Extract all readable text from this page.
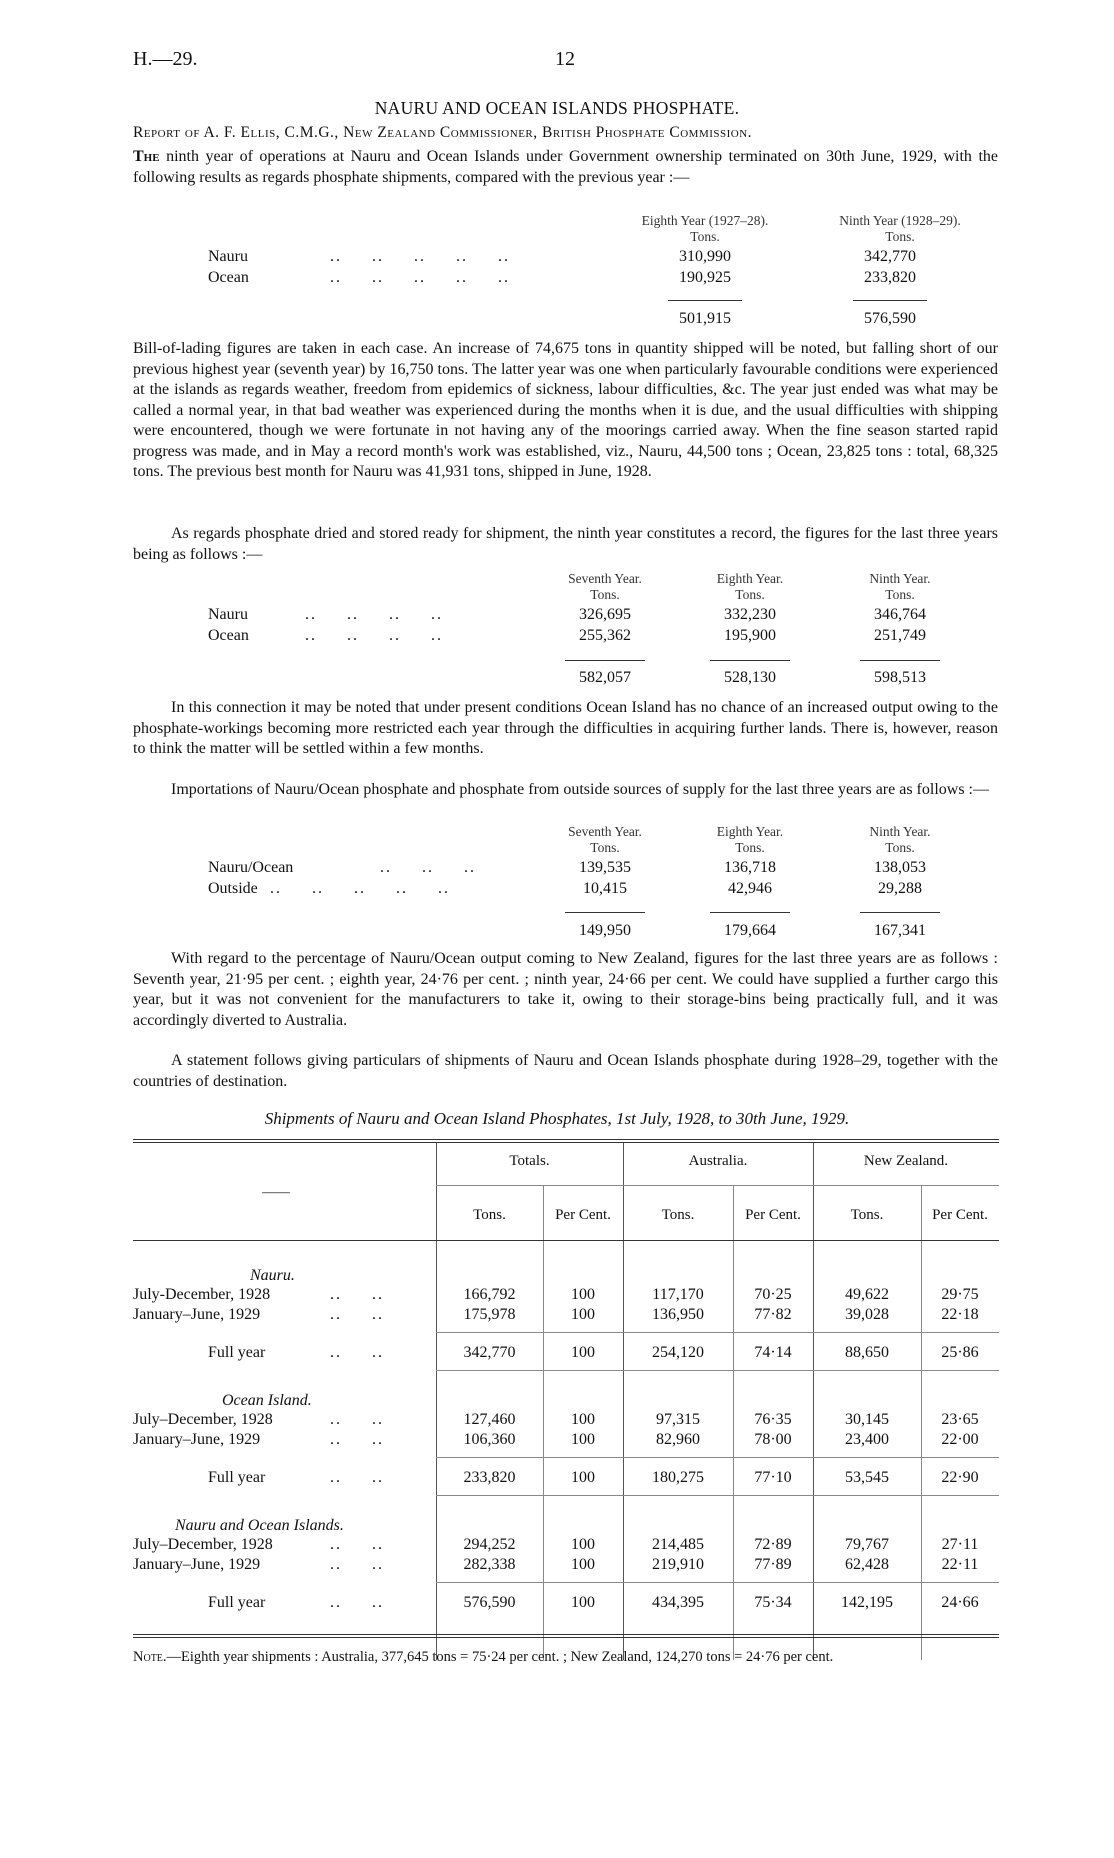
H.—29.	12
NAURU AND OCEAN ISLANDS PHOSPHATE.
Report of A. F. Ellis, C.M.G., New Zealand Commissioner, British Phosphate Commission.
The ninth year of operations at Nauru and Ocean Islands under Government ownership terminated on 30th June, 1929, with the following results as regards phosphate shipments, compared with the previous year :—
Eighth Year (1927–28).	Ninth Year (1928–29).
Tons.	Tons.
Nauru	..     ..     ..     ..     ..	310,990	342,770
Ocean	..     ..     ..     ..     ..	190,925	233,820
501,915	576,590
Bill-of-lading figures are taken in each case. An increase of 74,675 tons in quantity shipped will be noted, but falling short of our previous highest year (seventh year) by 16,750 tons. The latter year was one when particularly favourable conditions were experienced at the islands as regards weather, freedom from epidemics of sickness, labour difficulties, &c. The year just ended was what may be called a normal year, in that bad weather was experienced during the months when it is due, and the usual difficulties with shipping were encountered, though we were fortunate in not having any of the moorings carried away. When the fine season started rapid progress was made, and in May a record month's work was established, viz., Nauru, 44,500 tons ; Ocean, 23,825 tons : total, 68,325 tons. The previous best month for Nauru was 41,931 tons, shipped in June, 1928.
As regards phosphate dried and stored ready for shipment, the ninth year constitutes a record, the figures for the last three years being as follows :—
Seventh Year.	Eighth Year.	Ninth Year.
Tons.	Tons.	Tons.
Nauru	..     ..     ..     ..	326,695	332,230	346,764
Ocean	..     ..     ..     ..	255,362	195,900	251,749
582,057	528,130	598,513
In this connection it may be noted that under present conditions Ocean Island has no chance of an increased output owing to the phosphate-workings becoming more restricted each year through the difficulties in acquiring further lands. There is, however, reason to think the matter will be settled within a few months.
Importations of Nauru/Ocean phosphate and phosphate from outside sources of supply for the last three years are as follows :—
Seventh Year.	Eighth Year.	Ninth Year.
Tons.	Tons.	Tons.
Nauru/Ocean	..     ..     ..	139,535	136,718	138,053
Outside ..     ..     ..     ..     ..	10,415	42,946	29,288
149,950	179,664	167,341
With regard to the percentage of Nauru/Ocean output coming to New Zealand, figures for the last three years are as follows : Seventh year, 21·95 per cent. ; eighth year, 24·76 per cent. ; ninth year, 24·66 per cent. We could have supplied a further cargo this year, but it was not convenient for the manufacturers to take it, owing to their storage-bins being practically full, and it was accordingly diverted to Australia.
A statement follows giving particulars of shipments of Nauru and Ocean Islands phosphate during 1928–29, together with the countries of destination.
Shipments of Nauru and Ocean Island Phosphates, 1st July, 1928, to 30th June, 1929.
Totals.	Australia.	New Zealand.
——
Tons.	Per Cent.	Tons.	Per Cent.	Tons.	Per Cent.
Nauru.
July-December, 1928	..     ..	166,792	100	117,170	70·25	49,622	29·75
January–June, 1929	..     ..	175,978	100	136,950	77·82	39,028	22·18
Full year	..     ..	342,770	100	254,120	74·14	88,650	25·86
Ocean Island.
July–December, 1928	..     ..	127,460	100	97,315	76·35	30,145	23·65
January–June, 1929	..     ..	106,360	100	82,960	78·00	23,400	22·00
Full year	..     ..	233,820	100	180,275	77·10	53,545	22·90
Nauru and Ocean Islands.
July–December, 1928	..     ..	294,252	100	214,485	72·89	79,767	27·11
January–June, 1929	..     ..	282,338	100	219,910	77·89	62,428	22·11
Full year	..     ..	576,590	100	434,395	75·34	142,195	24·66
Note.—Eighth year shipments : Australia, 377,645 tons = 75·24 per cent. ; New Zealand, 124,270 tons = 24·76 per cent.
